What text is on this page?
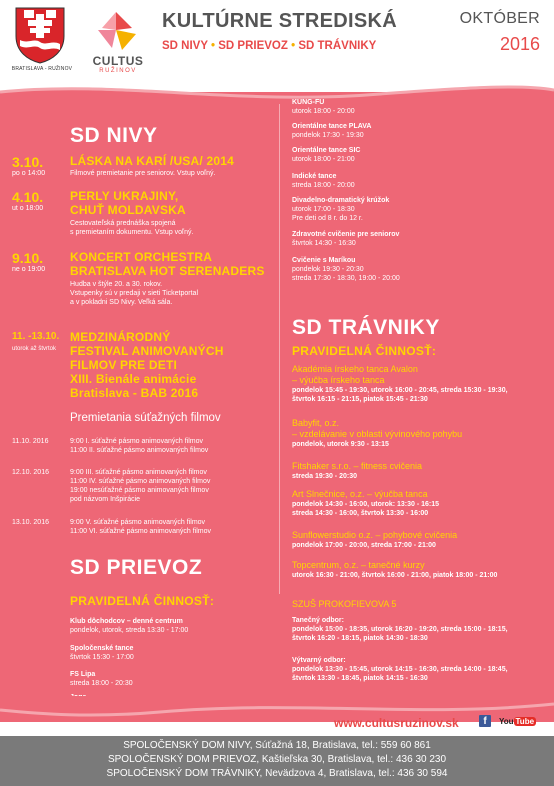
BRATISLAVA - RUŽINOV
CULTUS
RUŽINOV
KULTÚRNE STREDISKÁ
SD NIVY • SD PRIEVOZ • SD TRÁVNIKY
OKTÓBER
2016
SD NIVY
3.10.
po o 14:00
LÁSKA NA KARÍ /USA/ 2014
Filmové premietanie pre seniorov. Vstup voľný.
4.10.
ut o 18:00
PERLY UKRAJINY,
CHUŤ MOLDAVSKA
Cestovateľská prednáška spojená
s premietaním dokumentu. Vstup voľný.
9.10.
ne o 19:00
KONCERT ORCHESTRA
BRATISLAVA HOT SERENADERS
Hudba v štýle 20. a 30. rokov.
Vstupenky sú v predaji v sieti Ticketportal
a v pokladni SD Nivy. Veľká sála.
11. -13.10.
utorok až štvrtok
MEDZINÁRODNÝ
FESTIVAL ANIMOVANÝCH
FILMOV PRE DETI
XIII. Bienále animácie
Bratislava - BAB 2016
Premietania súťažných filmov
11.10. 2016	9:00 I. súťažné pásmo animovaných filmov
11:00 II. súťažné pásmo animovaných filmov
12.10. 2016	9:00 III. súťažné pásmo animovaných filmov
11:00 IV. súťažné pásmo animovaných filmov
19:00 nesúťažné pásmo animovaných filmov
pod názvom Inšpirácie
13.10. 2016	9:00 V. súťažné pásmo animovaných filmov
11:00 VI. súťažné pásmo animovaných filmov
SD PRIEVOZ
PRAVIDELNÁ ČINNOSŤ:
Klub dôchodcov – denné centrum
pondelok, utorok, streda 13:30 - 17:00
Spoločenské tance
štvrtok 15:30 - 17:00
FS Lipa
streda 18:00 - 20:30
KUNG-FU
utorok 18:00 - 20:00
Orientálne tance PLAVA
pondelok 17:30 - 19:30
Orientálne tance SIC
utorok 18:00 - 21:00
Indické tance
streda 18:00 - 20:00
Divadelno-dramatický krúžok
utorok 17:00 - 18:30
Pre deti od 8 r. do 12 r.
Zdravotné cvičenie pre seniorov
štvrtok 14:30 - 16:30
Cvičenie s Maríkou
pondelok 19:30 - 20:30
streda 17:30 - 18:30, 19:00 - 20:00
SD TRÁVNIKY
PRAVIDELNÁ ČINNOSŤ:
Akadémia írskeho tanca Avalon
– výučba írskeho tanca
pondelok 15:45 - 19:30, utorok 16:00 - 20:45, streda 15:30 - 19:30,
štvrtok 16:15 - 21:15, piatok 15:45 - 21:30
Babyfit, o.z.
– vzdelávanie v oblasti vývinového pohybu
pondelok, utorok 9:30 - 13:15
Fitshaker s.r.o. – fitness cvičenia
streda 19:30 - 20:30
Art Slnečnice, o.z. – výučba tanca
pondelok 14:30 - 16:00, utorok: 13:30 - 16:15
streda 14:30 - 16:00, štvrtok 13:30 - 16:00
Sunflowerstudio o.z. – pohybové cvičenia
pondelok 17:00 - 20:00, streda 17:00 - 21:00
Topcentrum, o.z. – tanečné kurzy
utorok 16:30 - 21:00, štvrtok 16:00 - 21:00, piatok 18:00 - 21:00
SZUŠ PROKOFIEVOVA 5
Tanečný odbor:
pondelok 15:00 - 18:35, utorok 16:20 - 19:20, streda 15:00 - 18:15,
štvrtok 16:20 - 18:15, piatok 14:30 - 18:30
Výtvarný odbor:
pondelok 13:30 - 15:45, utorok 14:15 - 16:30, streda 14:00 - 18:45,
štvrtok 13:30 - 18:45, piatok 14:15 - 16:30
www.cultusruzinov.sk	f	You Tube
SPOLOČENSKÝ DOM NIVY, Súťažná 18, Bratislava, tel.: 559 60 861
SPOLOČENSKÝ DOM PRIEVOZ, Kaštieľska 30, Bratislava, tel.: 436 30 230
SPOLOČENSKÝ DOM TRÁVNIKY, Nevädzova 4, Bratislava, tel.: 436 30 594
